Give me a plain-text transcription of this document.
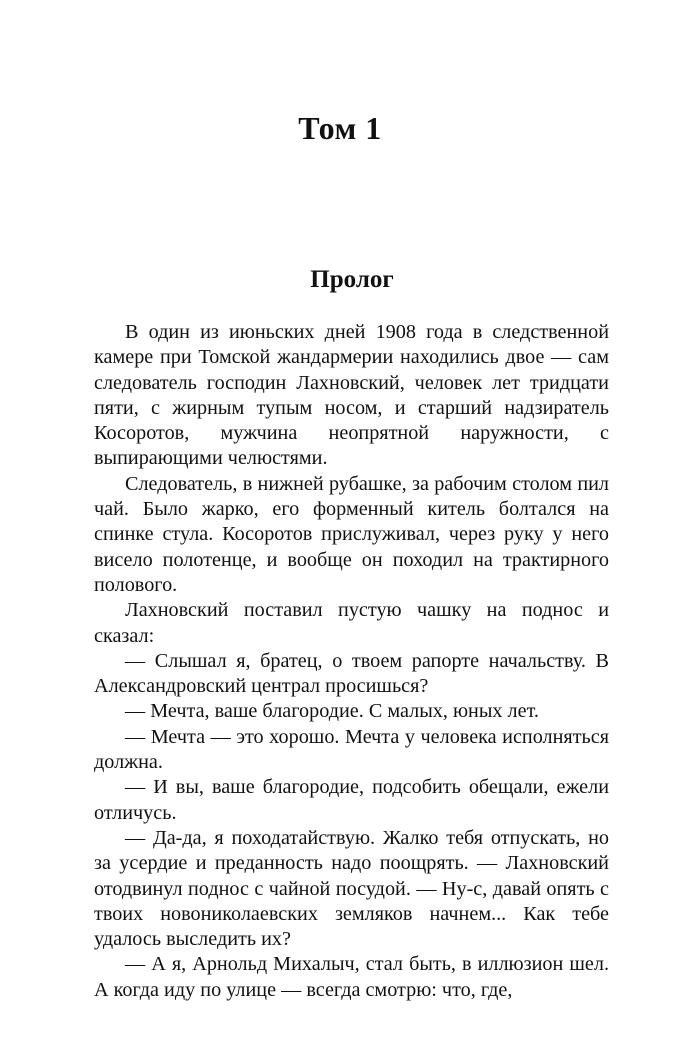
Том 1
Пролог

В один из июньских дней 1908 года в следственной камере при Томской жандармерии находились двое — сам следователь господин Лахновский, человек лет тридцати пяти, с жирным тупым носом, и старший надзиратель Косоротов, мужчина неопрятной наружности, с выпирающими челюстями.

Следователь, в нижней рубашке, за рабочим столом пил чай. Было жарко, его форменный китель болтался на спинке стула. Косоротов прислуживал, через руку у него висело полотенце, и вообще он походил на трактирного полового.

Лахновский поставил пустую чашку на поднос и сказал:

— Слышал я, братец, о твоем рапорте начальству. В Александровский централ просишься?

— Мечта, ваше благородие. С малых, юных лет.

— Мечта — это хорошо. Мечта у человека исполняться должна.

— И вы, ваше благородие, подсобить обещали, ежели отличусь.

— Да-да, я походатайствую. Жалко тебя отпускать, но за усердие и преданность надо поощрять. — Лахновский отодвинул поднос с чайной посудой. — Ну-с, давай опять с твоих новониколаевских земляков начнем... Как тебе удалось выследить их?

— А я, Арнольд Михалыч, стал быть, в иллюзион шел. А когда иду по улице — всегда смотрю: что, где,
